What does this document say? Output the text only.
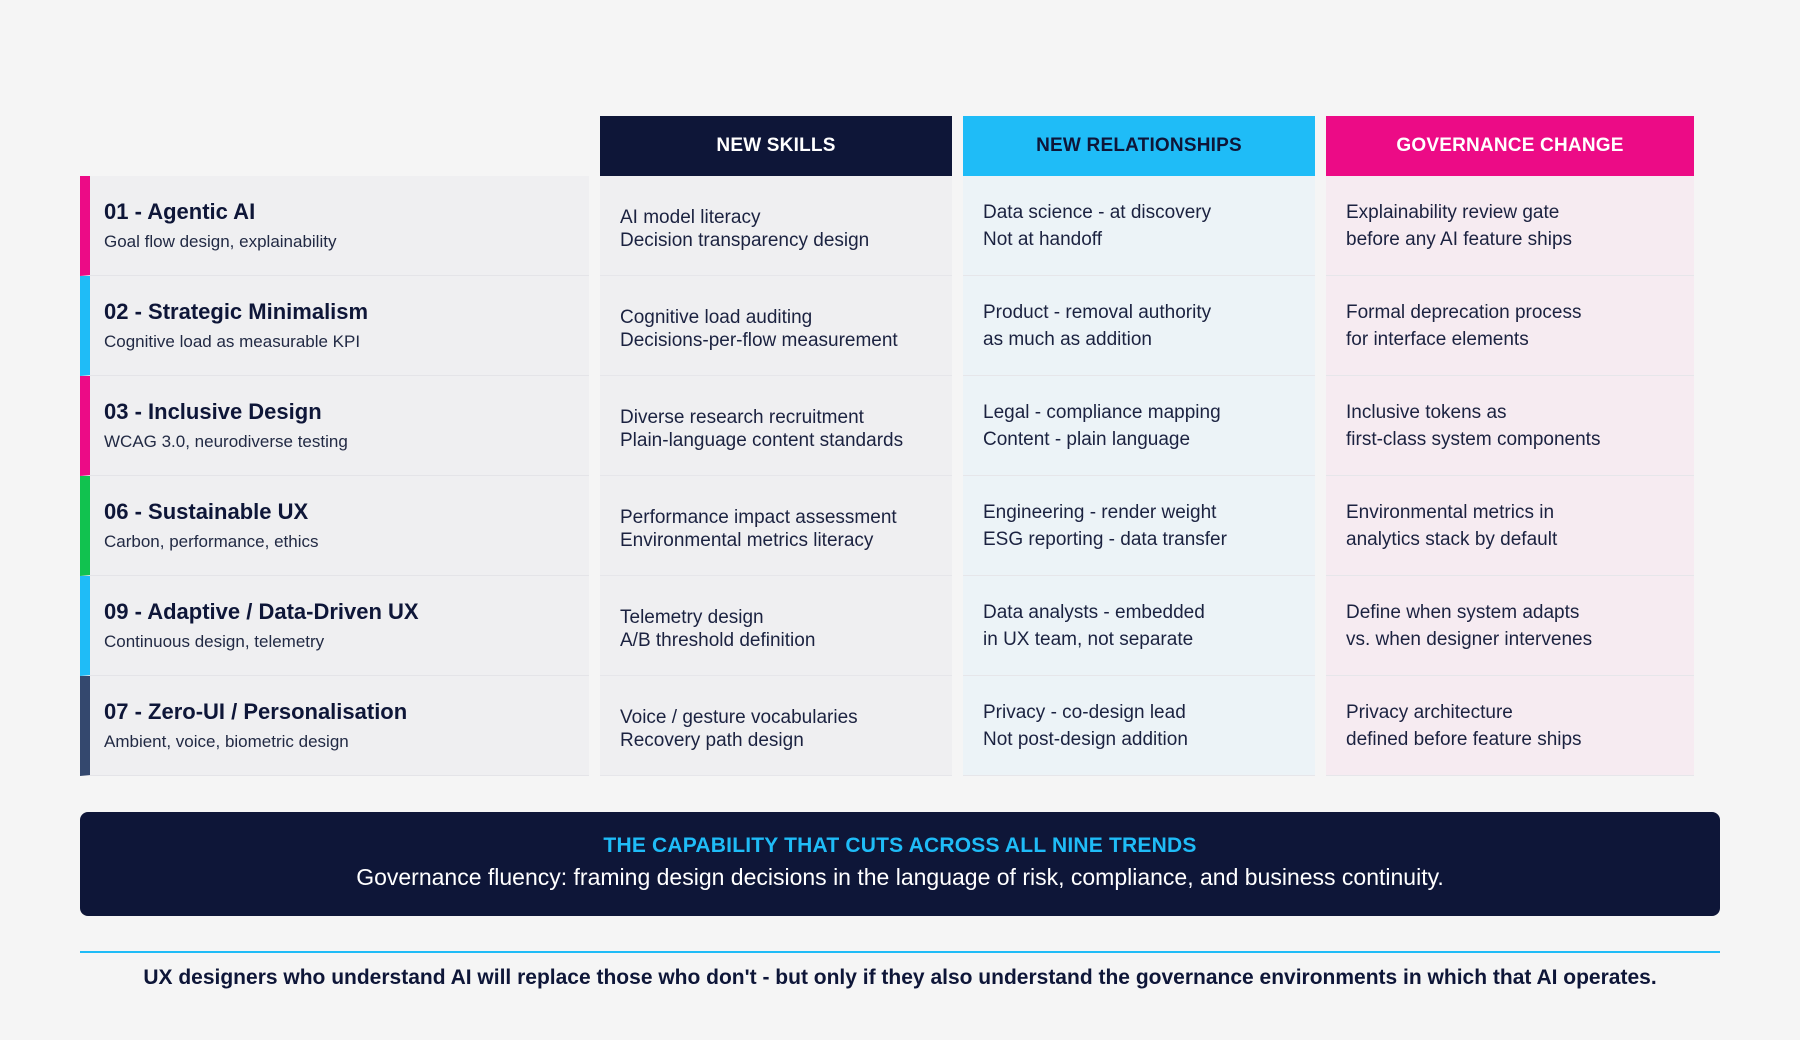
NEW SKILLS	NEW RELATIONSHIPS	GOVERNANCE CHANGE
01 - Agentic AI
Goal flow design, explainability
AI model literacy
Decision transparency design
Data science - at discovery
Not at handoff
Explainability review gate
before any AI feature ships
02 - Strategic Minimalism
Cognitive load as measurable KPI
Cognitive load auditing
Decisions-per-flow measurement
Product - removal authority
as much as addition
Formal deprecation process
for interface elements
03 - Inclusive Design
WCAG 3.0, neurodiverse testing
Diverse research recruitment
Plain-language content standards
Legal - compliance mapping
Content - plain language
Inclusive tokens as
first-class system components
06 - Sustainable UX
Carbon, performance, ethics
Performance impact assessment
Environmental metrics literacy
Engineering - render weight
ESG reporting - data transfer
Environmental metrics in
analytics stack by default
09 - Adaptive / Data-Driven UX
Continuous design, telemetry
Telemetry design
A/B threshold definition
Data analysts - embedded
in UX team, not separate
Define when system adapts
vs. when designer intervenes
07 - Zero-UI / Personalisation
Ambient, voice, biometric design
Voice / gesture vocabularies
Recovery path design
Privacy - co-design lead
Not post-design addition
Privacy architecture
defined before feature ships
THE CAPABILITY THAT CUTS ACROSS ALL NINE TRENDS
Governance fluency: framing design decisions in the language of risk, compliance, and business continuity.
UX designers who understand AI will replace those who don't - but only if they also understand the governance environments in which that AI operates.
